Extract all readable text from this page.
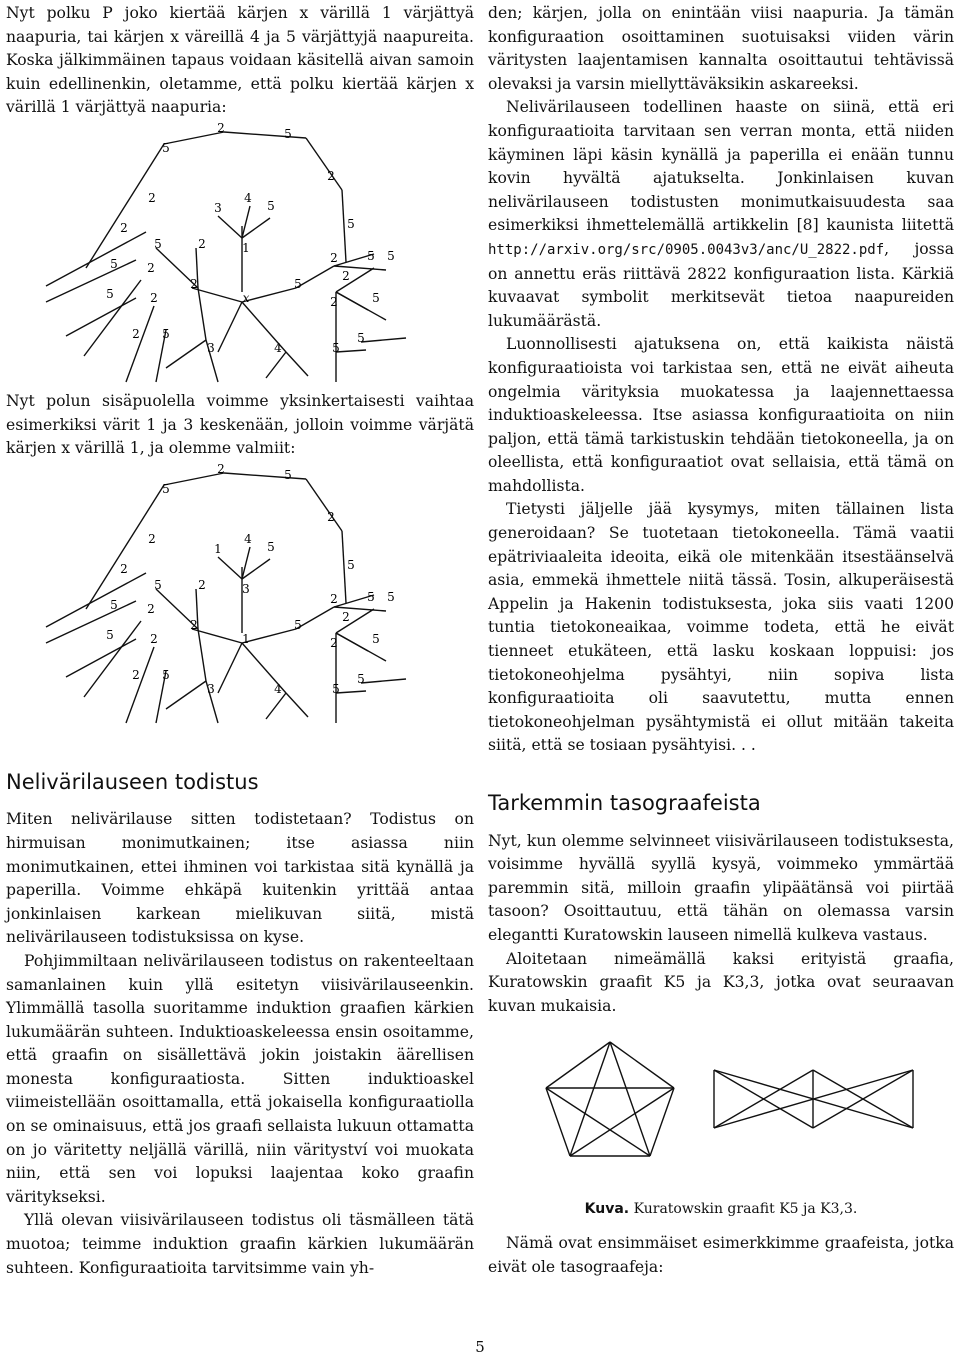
Nyt polku P joko kiertää kärjen x värillä 1 värjättyä naapuria, tai kärjen x väreillä 4 ja 5 värjättyjä naapureita. Koska jälkimmäinen tapaus voidaan käsitellä aivan samoin kuin edellinenkin, oletamme, että polku kiertää kärjen x värillä 1 värjättyä naapuria:

5
2	5
2
2
2
5	2
5 2
5	2
2 5
5
3
4
5
1
x
2
3	4
5
2 5
2	5
5
5
2
5

Nyt polun sisäpuolella voimme yksinkertaisesti vaihtaa esimerkiksi värit 1 ja 3 keskenään, jolloin voimme värjätä kärjen x värillä 1, ja olemme valmiit:

5
2	5
2
2
2
5	2
5 2
5	2
2 5
5
1
4
5
3
1
2
3	4
5
2 5
2	5
5
5
2
5
Nelivärilauseen todistus

Miten nelivärilause sitten todistetaan? Todistus on hirmuisan monimutkainen; itse asiassa niin monimutkainen, ettei ihminen voi tarkistaa sitä kynällä ja paperilla. Voimme ehkäpä kuitenkin yrittää antaa jonkinlaisen karkean mielikuvan siitä, mistä nelivärilauseen todistuksissa on kyse.

Pohjimmiltaan nelivärilauseen todistus on rakenteeltaan samanlainen kuin yllä esitetyn viisivärilauseenkin. Ylimmällä tasolla suoritamme induktion graafien kärkien lukumäärän suhteen. Induktioaskeleessa ensin osoitamme, että graafin on sisällettävä jokin joistakin äärellisen monesta konfiguraatiosta. Sitten induktioaskel viimeistellään osoittamalla, että jokaisella konfiguraatiolla on se ominaisuus, että jos graafi sellaista lukuun ottamatta on jo väritetty neljällä värillä, niin värityství voi muokata niin, että sen voi lopuksi laajentaa koko graafin väritykseksi.

Yllä olevan viisivärilauseen todistus oli täsmälleen tätä muotoa; teimme induktion graafin kärkien lukumäärän suhteen. Konfiguraatioita tarvitsimme vain yh-

den; kärjen, jolla on enintään viisi naapuria. Ja tämän konfiguraation osoittaminen suotuisaksi viiden värin väritysten laajentamisen kannalta osoittautui tehtävissä olevaksi ja varsin miellyttäväksikin askareeksi.

Nelivärilauseen todellinen haaste on siinä, että eri konfiguraatioita tarvitaan sen verran monta, että niiden käyminen läpi käsin kynällä ja paperilla ei enään tunnu kovin hyvältä ajatukselta. Jonkinlaisen kuvan nelivärilauseen todistusten monimutkaisuudesta saa esimerkiksi ihmettelemällä artikkelin [8] kaunista liitettä http://arxiv.org/src/0905.0043v3/anc/U_2822.pdf, jossa on annettu eräs riittävä 2822 konfiguraation lista. Kärkiä kuvaavat symbolit merkitsevät tietoa naapureiden lukumäärästä.

Luonnollisesti ajatuksena on, että kaikista näistä konfiguraatioista voi tarkistaa sen, että ne eivät aiheuta ongelmia värityksia muokatessa ja laajennettaessa induktioaskeleessa. Itse asiassa konfiguraatioita on niin paljon, että tämä tarkistuskin tehdään tietokoneella, ja on oleellista, että konfiguraatiot ovat sellaisia, että tämä on mahdollista.

Tietysti jäljelle jää kysymys, miten tällainen lista generoidaan? Se tuotetaan tietokoneella. Tämä vaatii epätriviaaleita ideoita, eikä ole mitenkään itsestäänselvä asia, emmekä ihmettele niitä tässä. Tosin, alkuperäisestä Appelin ja Hakenin todistuksesta, joka siis vaati 1200 tuntia tietokoneaikaa, voimme todeta, että he eivät tienneet etukäteen, että lasku koskaan loppuisi: jos tietokoneohjelma pysähtyi, niin sopiva lista konfiguraatioita oli saavutettu, mutta ennen tietokoneohjelman pysähtymistä ei ollut mitään takeita siitä, että se tosiaan pysähtyisi. . .

Tarkemmin tasograafeista

Nyt, kun olemme selvinneet viisivärilauseen todistuksesta, voisimme hyvällä syyllä kysyä, voimmeko ymmärtää paremmin sitä, milloin graafin ylipäätänsä voi piirtää tasoon? Osoittautuu, että tähän on olemassa varsin elegantti Kuratowskin lauseen nimellä kulkeva vastaus.

Aloitetaan nimeämällä kaksi erityistä graafia, Kuratowskin graafit K5 ja K3,3, jotka ovat seuraavan kuvan mukaisia.

Kuva. Kuratowskin graafit K5 ja K3,3.

Nämä ovat ensimmäiset esimerkkimme graafeista, jotka eivät ole tasograafeja:

5
